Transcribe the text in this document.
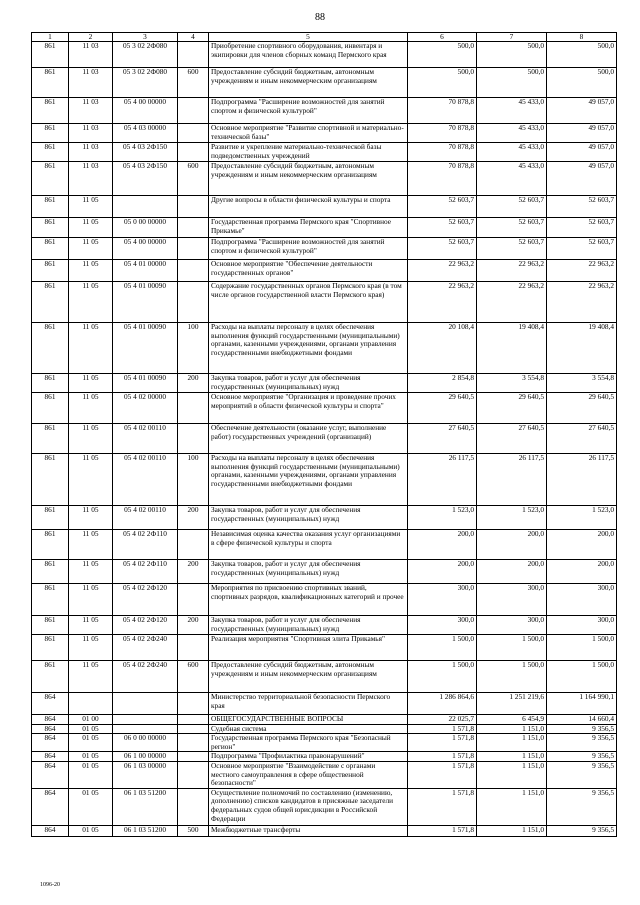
88
1	2	3	4	5	6	7	8
861	11 03	05 3 02 2Ф080		Приобретение спортивного оборудования, инвентаря и экипировки для членов сборных команд Пермского края	500,0	500,0	500,0
861	11 03	05 3 02 2Ф080	600	Предоставление субсидий бюджетным, автономным учреждениям и иным некоммерческим организациям	500,0	500,0	500,0
861	11 03	05 4 00 00000		Подпрограмма "Расширение возможностей для занятий спортом и физической культурой"	70 878,8	45 433,0	49 057,0
861	11 03	05 4 03 00000		Основное мероприятие "Развитие спортивной и материально-технической базы"	70 878,8	45 433,0	49 057,0
861	11 03	05 4 03 2Ф150		Развитие и укрепление материально-технической базы подведомственных учреждений	70 878,8	45 433,0	49 057,0
861	11 03	05 4 03 2Ф150	600	Предоставление субсидий бюджетным, автономным учреждениям и иным некоммерческим организациям	70 878,8	45 433,0	49 057,0
861	11 05			Другие вопросы в области физической культуры и спорта	52 603,7	52 603,7	52 603,7
861	11 05	05 0 00 00000		Государственная программа Пермского края "Спортивное Прикамье"	52 603,7	52 603,7	52 603,7
861	11 05	05 4 00 00000		Подпрограмма "Расширение возможностей для занятий спортом и физической культурой"	52 603,7	52 603,7	52 603,7
861	11 05	05 4 01 00000		Основное мероприятие "Обеспечение деятельности государственных органов"	22 963,2	22 963,2	22 963,2
861	11 05	05 4 01 00090		Содержание государственных органов Пермского края (в том числе органов государственной власти Пермского края)	22 963,2	22 963,2	22 963,2
861	11 05	05 4 01 00090	100	Расходы на выплаты персоналу в целях обеспечения выполнения функций государственными (муниципальными) органами, казенными учреждениями, органами управления государственными внебюджетными фондами	20 108,4	19 408,4	19 408,4
861	11 05	05 4 01 00090	200	Закупка товаров, работ и услуг для обеспечения государственных (муниципальных) нужд	2 854,8	3 554,8	3 554,8
861	11 05	05 4 02 00000		Основное мероприятие "Организация и проведение прочих мероприятий в области физической культуры и спорта"	29 640,5	29 640,5	29 640,5
861	11 05	05 4 02 00110		Обеспечение деятельности (оказание услуг, выполнение работ) государственных учреждений (организаций)	27 640,5	27 640,5	27 640,5
861	11 05	05 4 02 00110	100	Расходы на выплаты персоналу в целях обеспечения выполнения функций государственными (муниципальными) органами, казенными учреждениями, органами управления государственными внебюджетными фондами	26 117,5	26 117,5	26 117,5
861	11 05	05 4 02 00110	200	Закупка товаров, работ и услуг для обеспечения государственных (муниципальных) нужд	1 523,0	1 523,0	1 523,0
861	11 05	05 4 02 2Ф110		Независимая оценка качества оказания услуг организациями в сфере физической культуры и спорта	200,0	200,0	200,0
861	11 05	05 4 02 2Ф110	200	Закупка товаров, работ и услуг для обеспечения государственных (муниципальных) нужд	200,0	200,0	200,0
861	11 05	05 4 02 2Ф120		Мероприятия по присвоению спортивных званий, спортивных разрядов, квалификационных категорий и прочее	300,0	300,0	300,0
861	11 05	05 4 02 2Ф120	200	Закупка товаров, работ и услуг для обеспечения государственных (муниципальных) нужд	300,0	300,0	300,0
861	11 05	05 4 02 2Ф240		Реализация мероприятия "Спортивная элита Прикамья"	1 500,0	1 500,0	1 500,0
861	11 05	05 4 02 2Ф240	600	Предоставление субсидий бюджетным, автономным учреждениям и иным некоммерческим организациям	1 500,0	1 500,0	1 500,0
864				Министерство территориальной безопасности Пермского края	1 286 864,6	1 251 219,6	1 164 990,1
864	01 00			ОБЩЕГОСУДАРСТВЕННЫЕ ВОПРОСЫ	22 025,7	6 454,9	14 660,4
864	01 05			Судебная система	1 571,8	1 151,0	9 356,5
864	01 05	06 0 00 00000		Государственная программа Пермского края "Безопасный регион"	1 571,8	1 151,0	9 356,5
864	01 05	06 1 00 00000		Подпрограмма "Профилактика правонарушений"	1 571,8	1 151,0	9 356,5
864	01 05	06 1 03 00000		Основное мероприятие "Взаимодействие с органами местного самоуправления в сфере общественной безопасности"	1 571,8	1 151,0	9 356,5
864	01 05	06 1 03 51200		Осуществление полномочий по составлению (изменению, дополнению) списков кандидатов в присяжные заседатели федеральных судов общей юрисдикции в Российской Федерации	1 571,8	1 151,0	9 356,5
864	01 05	06 1 03 51200	500	Межбюджетные трансферты	1 571,8	1 151,0	9 356,5
1096-20
